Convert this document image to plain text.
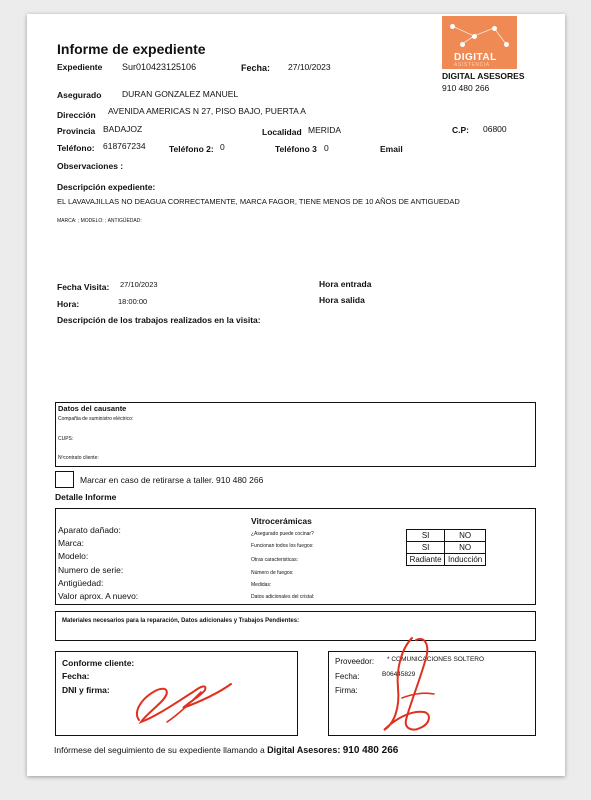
DIGITAL
ASISTENCIA
DIGITAL ASESORES
910 480 266
Informe de expediente
Expediente Sur010423125106	Fecha: 27/10/2023
Asegurado DURAN GONZALEZ MANUEL
Dirección AVENIDA AMERICAS N 27, PISO BAJO, PUERTA A
Provincia BADAJOZ	Localidad MERIDA	C.P: 06800
Teléfono: 618767234	Teléfono 2: 0	Teléfono 3 0	Email
Observaciones :
Descripción expediente:
EL LAVAVAJILLAS NO DEAGUA CORRECTAMENTE, MARCA FAGOR, TIENE MENOS DE 10 AÑOS DE ANTIGUEDAD
MARCA: ; MODELO: ; ANTIGÜEDAD:
Fecha Visita: 27/10/2023
Hora:	18:00:00
Hora entrada
Hora salida
Descripción de los trabajos realizados en la visita:
Datos del causante
Compañia de suministro eléctrico:
CUPS:
Nºcontrato cliente:
Marcar en caso de retirarse a taller. 910 480 266
Detalle Informe
Aparato dañado:
Marca:
Modelo:
Numero de serie:
Antigüedad:
Valor aprox. A nuevo:
Vitrocerámicas
¿Asegurado puede cocinar?
Funcionan todos los fuegos:
Otras caracteristicas:
Número de fuegos:
Medidas:
Datos adicionales del cristal:
SI	NO
SI	NO
Radiante	Inducción
Materiales necesarios para la reparación, Datos adicionales y Trabajos Pendientes:
Conforme cliente:
Fecha:
DNI y firma:
Proveedor: * COMUNICACIONES SOLTERO
Fecha:	B06445829
Firma:
Infórmese del seguimiento de su expediente llamando a Digital Asesores: 910 480 266
